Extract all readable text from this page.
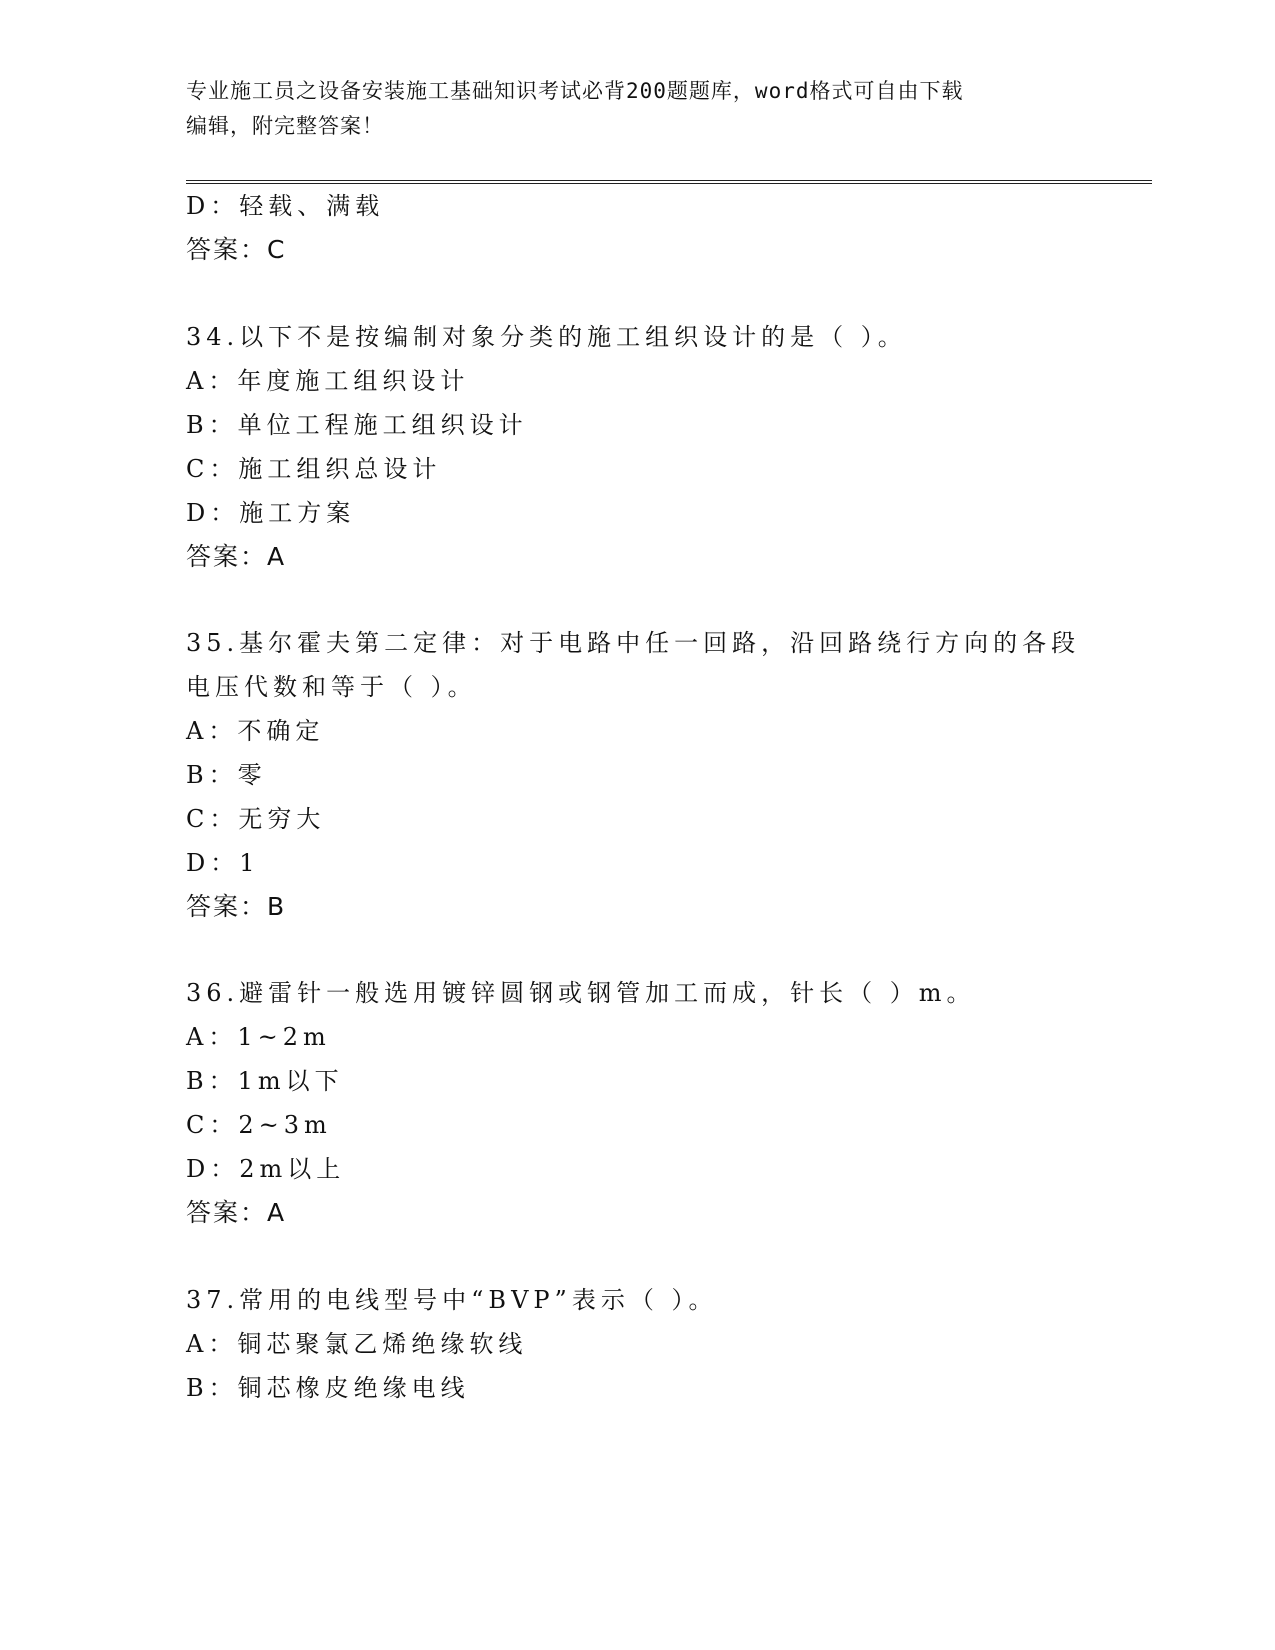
专业施工员之设备安装施工基础知识考试必背200题题库，word格式可自由下载
编辑，附完整答案！
D：轻载、满载
答案：C
34.以下不是按编制对象分类的施工组织设计的是（ ）。
A：年度施工组织设计
B：单位工程施工组织设计
C：施工组织总设计
D：施工方案
答案：A
35.基尔霍夫第二定律：对于电路中任一回路，沿回路绕行方向的各段
电压代数和等于（ ）。
A：不确定
B：零
C：无穷大
D：1
答案：B
36.避雷针一般选用镀锌圆钢或钢管加工而成，针长（ ）m。
A：1~2m
B：1m以下
C：2~3m
D：2m以上
答案：A
37.常用的电线型号中“BVP”表示（ ）。
A：铜芯聚氯乙烯绝缘软线
B：铜芯橡皮绝缘电线
